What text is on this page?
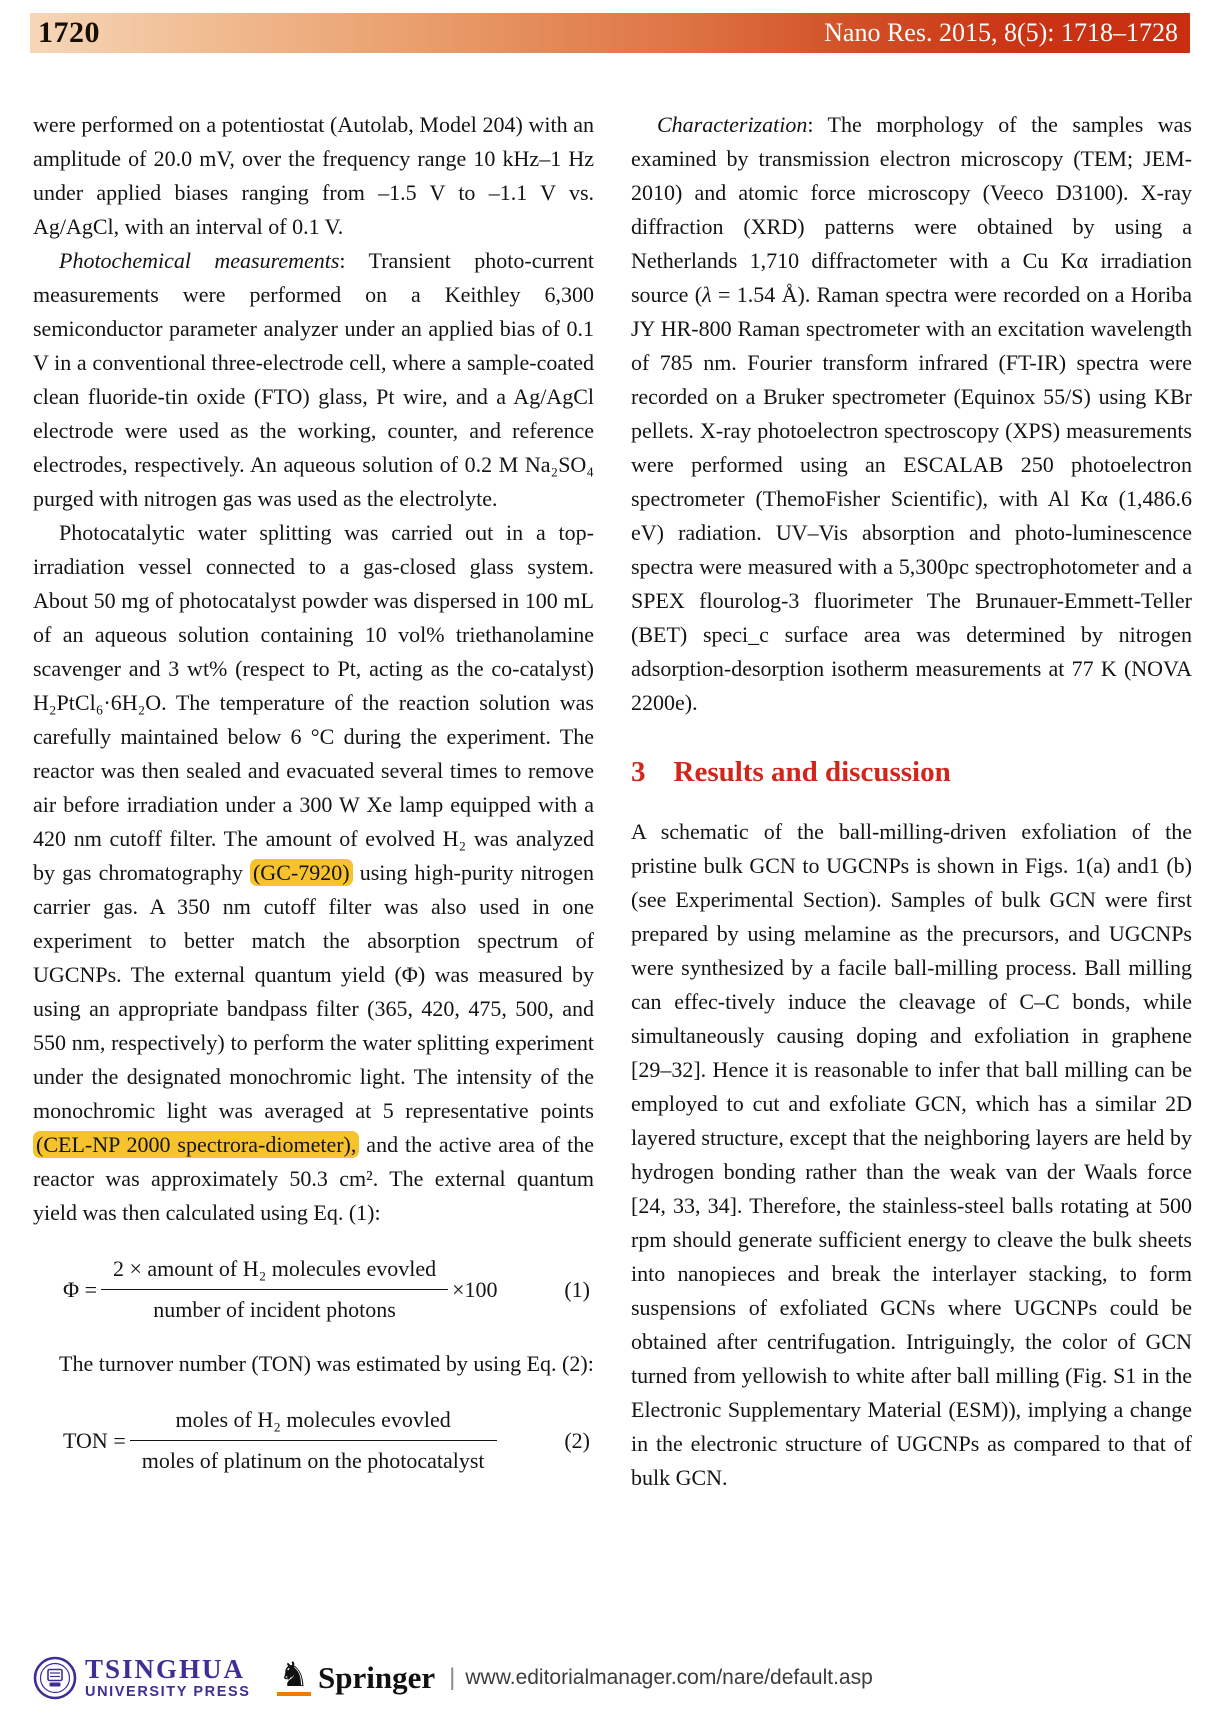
1720	Nano Res. 2015, 8(5): 1718–1728

were performed on a potentiostat (Autolab, Model 204) with an amplitude of 20.0 mV, over the frequency range 10 kHz–1 Hz under applied biases ranging from –1.5 V to –1.1 V vs. Ag/AgCl, with an interval of 0.1 V.

Photochemical measurements: Transient photo-current measurements were performed on a Keithley 6,300 semiconductor parameter analyzer under an applied bias of 0.1 V in a conventional three-electrode cell, where a sample-coated clean fluoride-tin oxide (FTO) glass, Pt wire, and a Ag/AgCl electrode were used as the working, counter, and reference electrodes, respectively. An aqueous solution of 0.2 M Na₂SO₄ purged with nitrogen gas was used as the electrolyte.

Photocatalytic water splitting was carried out in a top-irradiation vessel connected to a gas-closed glass system. About 50 mg of photocatalyst powder was dispersed in 100 mL of an aqueous solution containing 10 vol% triethanolamine scavenger and 3 wt% (respect to Pt, acting as the co-catalyst) H₂PtCl₆·6H₂O. The temperature of the reaction solution was carefully maintained below 6 °C during the experiment. The reactor was then sealed and evacuated several times to remove air before irradiation under a 300 W Xe lamp equipped with a 420 nm cutoff filter. The amount of evolved H₂ was analyzed by gas chromatography (GC-7920) using high-purity nitrogen carrier gas. A 350 nm cutoff filter was also used in one experiment to better match the absorption spectrum of UGCNPs. The external quantum yield (Φ) was measured by using an appropriate bandpass filter (365, 420, 475, 500, and 550 nm, respectively) to perform the water splitting experiment under the designated monochromic light. The intensity of the monochromic light was averaged at 5 representative points (CEL-NP 2000 spectrora-diometer), and the active area of the reactor was approximately 50.3 cm². The external quantum yield was then calculated using Eq. (1):

$\Phi = \frac{\text{2 × amount of H₂ molecules evovled}}{\text{number of incident photons}} \times 100$	(1)

The turnover number (TON) was estimated by using Eq. (2):

TON = $\frac{\text{moles of H₂ molecules evovled}}{\text{moles of platinum on the photocatalyst}}$	(2)

Characterization: The morphology of the samples was examined by transmission electron microscopy (TEM; JEM-2010) and atomic force microscopy (Veeco D3100). X-ray diffraction (XRD) patterns were obtained by using a Netherlands 1,710 diffractometer with a Cu Kα irradiation source (λ = 1.54 Å). Raman spectra were recorded on a Horiba JY HR-800 Raman spectrometer with an excitation wavelength of 785 nm. Fourier transform infrared (FT-IR) spectra were recorded on a Bruker spectrometer (Equinox 55/S) using KBr pellets. X-ray photoelectron spectroscopy (XPS) measurements were performed using an ESCALAB 250 photoelectron spectrometer (ThemoFisher Scientific), with Al Kα (1,486.6 eV) radiation. UV–Vis absorption and photo-luminescence spectra were measured with a 5,300pc spectrophotometer and a SPEX flourolog-3 fluorimeter The Brunauer-Emmett-Teller (BET) speci_c surface area was determined by nitrogen adsorption-desorption isotherm measurements at 77 K (NOVA 2200e).

3 Results and discussion

A schematic of the ball-milling-driven exfoliation of the pristine bulk GCN to UGCNPs is shown in Figs. 1(a) and1 (b) (see Experimental Section). Samples of bulk GCN were first prepared by using melamine as the precursors, and UGCNPs were synthesized by a facile ball-milling process. Ball milling can effec-tively induce the cleavage of C–C bonds, while simultaneously causing doping and exfoliation in graphene [29–32]. Hence it is reasonable to infer that ball milling can be employed to cut and exfoliate GCN, which has a similar 2D layered structure, except that the neighboring layers are held by hydrogen bonding rather than the weak van der Waals force [24, 33, 34]. Therefore, the stainless-steel balls rotating at 500 rpm should generate sufficient energy to cleave the bulk sheets into nanopieces and break the interlayer stacking, to form suspensions of exfoliated GCNs where UGCNPs could be obtained after centrifugation. Intriguingly, the color of GCN turned from yellowish to white after ball milling (Fig. S1 in the Electronic Supplementary Material (ESM)), implying a change in the electronic structure of UGCNPs as compared to that of bulk GCN.

TSINGHUA
UNIVERSITY PRESS ♞ Springer | www.editorialmanager.com/nare/default.asp
